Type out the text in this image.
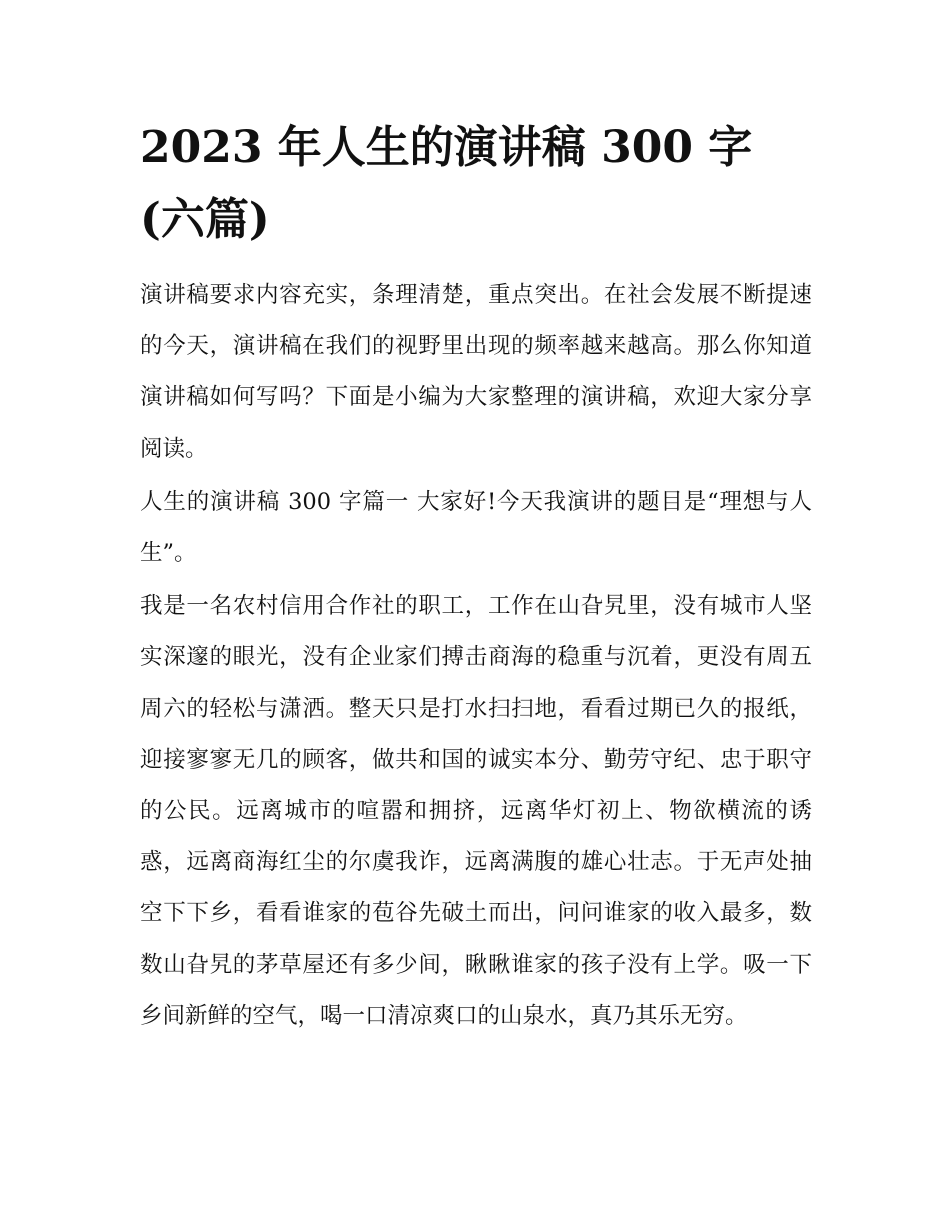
2023 年人生的演讲稿 300 字(六篇)

演讲稿要求内容充实，条理清楚，重点突出。在社会发展不断提速的今天，演讲稿在我们的视野里出现的频率越来越高。那么你知道演讲稿如何写吗？下面是小编为大家整理的演讲稿，欢迎大家分享阅读。

人生的演讲稿 300 字篇一 大家好!今天我演讲的题目是“理想与人生”。

我是一名农村信用合作社的职工，工作在山旮旯里，没有城市人坚实深邃的眼光，没有企业家们搏击商海的稳重与沉着，更没有周五周六的轻松与潇洒。整天只是打水扫扫地，看看过期已久的报纸，迎接寥寥无几的顾客，做共和国的诚实本分、勤劳守纪、忠于职守的公民。远离城市的喧嚣和拥挤，远离华灯初上、物欲横流的诱惑，远离商海红尘的尔虞我诈，远离满腹的雄心壮志。于无声处抽空下下乡，看看谁家的苞谷先破土而出，问问谁家的收入最多，数数山旮旯的茅草屋还有多少间，瞅瞅谁家的孩子没有上学。吸一下乡间新鲜的空气，喝一口清凉爽口的山泉水，真乃其乐无穷。
